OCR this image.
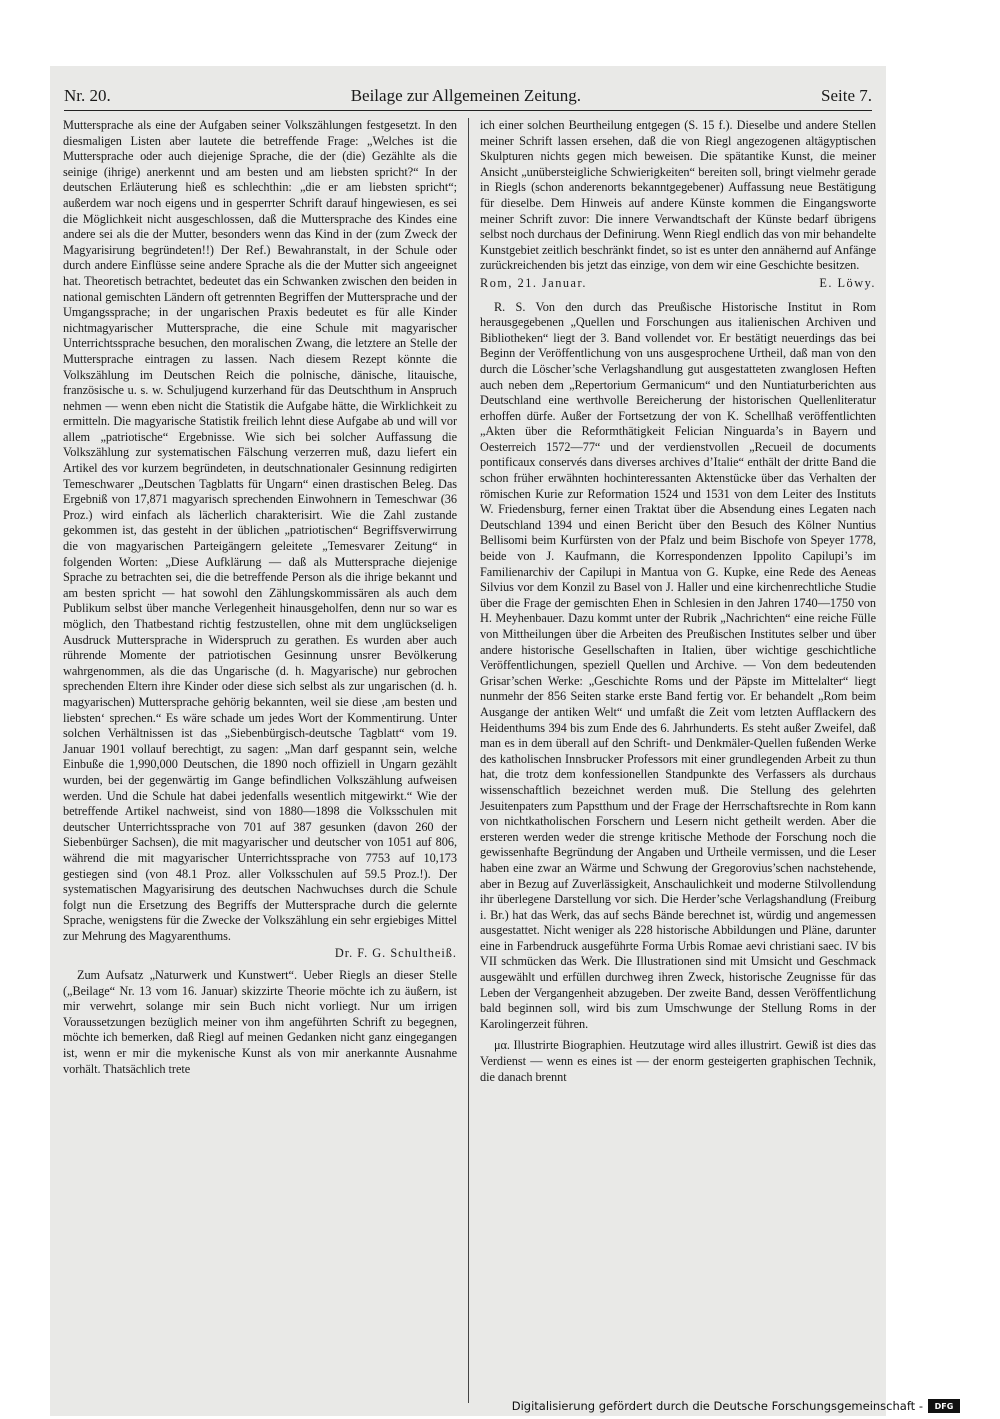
Nr. 20.	Beilage zur Allgemeinen Zeitung.	Seite 7.

Muttersprache als eine der Aufgaben seiner Volkszählungen festgesetzt. In den diesmaligen Listen aber lautete die betreffende Frage: „Welches ist die Muttersprache oder auch diejenige Sprache, die der (die) Gezählte als die seinige (ihrige) anerkennt und am besten und am liebsten spricht?“ In der deutschen Erläuterung hieß es schlechthin: „die er am liebsten spricht“; außerdem war noch eigens und in gesperrter Schrift darauf hingewiesen, es sei die Möglichkeit nicht ausgeschlossen, daß die Muttersprache des Kindes eine andere sei als die der Mutter, besonders wenn das Kind in der (zum Zweck der Magyarisirung begründeten!!) Der Ref.) Bewahranstalt, in der Schule oder durch andere Einflüsse seine andere Sprache als die der Mutter sich angeeignet hat. Theoretisch betrachtet, bedeutet das ein Schwanken zwischen den beiden in national gemischten Ländern oft getrennten Begriffen der Muttersprache und der Umgangssprache; in der ungarischen Praxis bedeutet es für alle Kinder nichtmagyarischer Muttersprache, die eine Schule mit magyarischer Unterrichtssprache besuchen, den moralischen Zwang, die letztere an Stelle der Muttersprache eintragen zu lassen. Nach diesem Rezept könnte die Volkszählung im Deutschen Reich die polnische, dänische, litauische, französische u. s. w. Schuljugend kurzerhand für das Deutschthum in Anspruch nehmen — wenn eben nicht die Statistik die Aufgabe hätte, die Wirklichkeit zu ermitteln. Die magyarische Statistik freilich lehnt diese Aufgabe ab und will vor allem „patriotische“ Ergebnisse. Wie sich bei solcher Auffassung die Volkszählung zur systematischen Fälschung verzerren muß, dazu liefert ein Artikel des vor kurzem begründeten, in deutschnationaler Gesinnung redigirten Temeschwarer „Deutschen Tagblatts für Ungarn“ einen drastischen Beleg. Das Ergebniß von 17,871 magyarisch sprechenden Einwohnern in Temeschwar (36 Proz.) wird einfach als lächerlich charakterisirt. Wie die Zahl zustande gekommen ist, das gesteht in der üblichen „patriotischen“ Begriffsverwirrung die von magyarischen Parteigängern geleitete „Temesvarer Zeitung“ in folgenden Worten: „Diese Aufklärung — daß als Muttersprache diejenige Sprache zu betrachten sei, die die betreffende Person als die ihrige bekannt und am besten spricht — hat sowohl den Zählungskommissären als auch dem Publikum selbst über manche Verlegenheit hinausgeholfen, denn nur so war es möglich, den Thatbestand richtig festzustellen, ohne mit dem unglückseligen Ausdruck Muttersprache in Widerspruch zu gerathen. Es wurden aber auch rührende Momente der patriotischen Gesinnung unsrer Bevölkerung wahrgenommen, als die das Ungarische (d. h. Magyarische) nur gebrochen sprechenden Eltern ihre Kinder oder diese sich selbst als zur ungarischen (d. h. magyarischen) Muttersprache gehörig bekannten, weil sie diese ‚am besten und liebsten‘ sprechen.“ Es wäre schade um jedes Wort der Kommentirung. Unter solchen Verhältnissen ist das „Siebenbürgisch-deutsche Tagblatt“ vom 19. Januar 1901 vollauf berechtigt, zu sagen: „Man darf gespannt sein, welche Einbuße die 1,990,000 Deutschen, die 1890 noch offiziell in Ungarn gezählt wurden, bei der gegenwärtig im Gange befindlichen Volkszählung aufweisen werden. Und die Schule hat dabei jedenfalls wesentlich mitgewirkt.“ Wie der betreffende Artikel nachweist, sind von 1880—1898 die Volksschulen mit deutscher Unterrichtssprache von 701 auf 387 gesunken (davon 260 der Siebenbürger Sachsen), die mit magyarischer und deutscher von 1051 auf 806, während die mit magyarischer Unterrichtssprache von 7753 auf 10,173 gestiegen sind (von 48.1 Proz. aller Volksschulen auf 59.5 Proz.!). Der systematischen Magyarisirung des deutschen Nachwuchses durch die Schule folgt nun die Ersetzung des Begriffs der Muttersprache durch die gelernte Sprache, wenigstens für die Zwecke der Volkszählung ein sehr ergiebiges Mittel zur Mehrung des Magyarenthums.

Dr. F. G. Schultheiß.

Zum Aufsatz „Naturwerk und Kunstwert“. Ueber Riegls an dieser Stelle („Beilage“ Nr. 13 vom 16. Januar) skizzirte Theorie möchte ich zu äußern, ist mir verwehrt, solange mir sein Buch nicht vorliegt. Nur um irrigen Voraussetzungen bezüglich meiner von ihm angeführten Schrift zu begegnen, möchte ich bemerken, daß Riegl auf meinen Gedanken nicht ganz eingegangen ist, wenn er mir die mykenische Kunst als von mir anerkannte Ausnahme vorhält. Thatsächlich trete

ich einer solchen Beurtheilung entgegen (S. 15 f.). Dieselbe und andere Stellen meiner Schrift lassen ersehen, daß die von Riegl angezogenen altägyptischen Skulpturen nichts gegen mich beweisen. Die spätantike Kunst, die meiner Ansicht „unübersteigliche Schwierigkeiten“ bereiten soll, bringt vielmehr gerade in Riegls (schon anderenorts bekanntgegebener) Auffassung neue Bestätigung für dieselbe. Dem Hinweis auf andere Künste kommen die Eingangsworte meiner Schrift zuvor: Die innere Verwandtschaft der Künste bedarf übrigens selbst noch durchaus der Definirung. Wenn Riegl endlich das von mir behandelte Kunstgebiet zeitlich beschränkt findet, so ist es unter den annähernd auf Anfänge zurückreichenden bis jetzt das einzige, von dem wir eine Geschichte besitzen.

Rom, 21. Januar.	E. Löwy.

R. S. Von den durch das Preußische Historische Institut in Rom herausgegebenen „Quellen und Forschungen aus italienischen Archiven und Bibliotheken“ liegt der 3. Band vollendet vor. Er bestätigt neuerdings das bei Beginn der Veröffentlichung von uns ausgesprochene Urtheil, daß man von den durch die Löscher’sche Verlagshandlung gut ausgestatteten zwanglosen Heften auch neben dem „Repertorium Germanicum“ und den Nuntiaturberichten aus Deutschland eine werthvolle Bereicherung der historischen Quellenliteratur erhoffen dürfe. Außer der Fortsetzung der von K. Schellhaß veröffentlichten „Akten über die Reformthätigkeit Felician Ninguarda’s in Bayern und Oesterreich 1572—77“ und der verdienstvollen „Recueil de documents pontificaux conservés dans diverses archives d’Italie“ enthält der dritte Band die schon früher erwähnten hochinteressanten Aktenstücke über das Verhalten der römischen Kurie zur Reformation 1524 und 1531 von dem Leiter des Instituts W. Friedensburg, ferner einen Traktat über die Absendung eines Legaten nach Deutschland 1394 und einen Bericht über den Besuch des Kölner Nuntius Bellisomi beim Kurfürsten von der Pfalz und beim Bischofe von Speyer 1778, beide von J. Kaufmann, die Korrespondenzen Ippolito Capilupi’s im Familienarchiv der Capilupi in Mantua von G. Kupke, eine Rede des Aeneas Silvius vor dem Konzil zu Basel von J. Haller und eine kirchenrechtliche Studie über die Frage der gemischten Ehen in Schlesien in den Jahren 1740—1750 von H. Meyhenbauer. Dazu kommt unter der Rubrik „Nachrichten“ eine reiche Fülle von Mittheilungen über die Arbeiten des Preußischen Institutes selber und über andere historische Gesellschaften in Italien, über wichtige geschichtliche Veröffentlichungen, speziell Quellen und Archive. — Von dem bedeutenden Grisar’schen Werke: „Geschichte Roms und der Päpste im Mittelalter“ liegt nunmehr der 856 Seiten starke erste Band fertig vor. Er behandelt „Rom beim Ausgange der antiken Welt“ und umfaßt die Zeit vom letzten Aufflackern des Heidenthums 394 bis zum Ende des 6. Jahrhunderts. Es steht außer Zweifel, daß man es in dem überall auf den Schrift- und Denkmäler-Quellen fußenden Werke des katholischen Innsbrucker Professors mit einer grundlegenden Arbeit zu thun hat, die trotz dem konfessionellen Standpunkte des Verfassers als durchaus wissenschaftlich bezeichnet werden muß. Die Stellung des gelehrten Jesuitenpaters zum Papstthum und der Frage der Herrschaftsrechte in Rom kann von nichtkatholischen Forschern und Lesern nicht getheilt werden. Aber die ersteren werden weder die strenge kritische Methode der Forschung noch die gewissenhafte Begründung der Angaben und Urtheile vermissen, und die Leser haben eine zwar an Wärme und Schwung der Gregorovius’schen nachstehende, aber in Bezug auf Zuverlässigkeit, Anschaulichkeit und moderne Stilvollendung ihr überlegene Darstellung vor sich. Die Herder’sche Verlagshandlung (Freiburg i. Br.) hat das Werk, das auf sechs Bände berechnet ist, würdig und angemessen ausgestattet. Nicht weniger als 228 historische Abbildungen und Pläne, darunter eine in Farbendruck ausgeführte Forma Urbis Romae aevi christiani saec. IV bis VII schmücken das Werk. Die Illustrationen sind mit Umsicht und Geschmack ausgewählt und erfüllen durchweg ihren Zweck, historische Zeugnisse für das Leben der Vergangenheit abzugeben. Der zweite Band, dessen Veröffentlichung bald beginnen soll, wird bis zum Umschwunge der Stellung Roms in der Karolingerzeit führen.

μα. Illustrirte Biographien. Heutzutage wird alles illustrirt. Gewiß ist dies das Verdienst — wenn es eines ist — der enorm gesteigerten graphischen Technik, die danach brennt

Digitalisierung gefördert durch die Deutsche Forschungsgemeinschaft -	DFG
